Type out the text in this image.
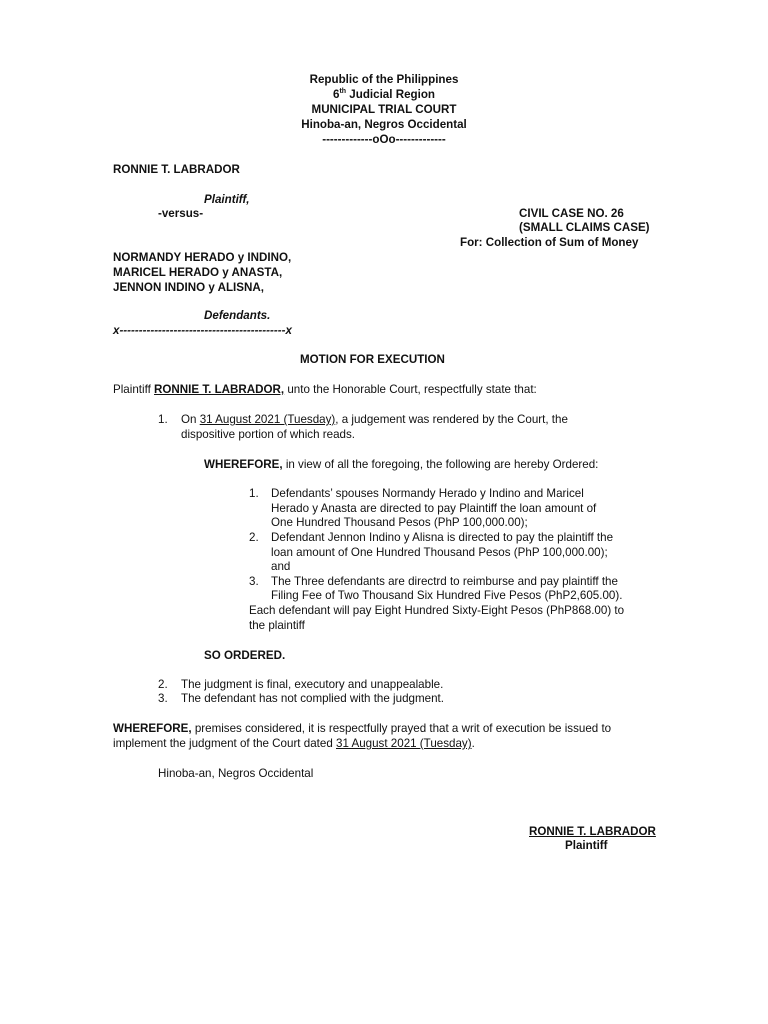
Republic of the Philippines
6th Judicial Region
MUNICIPAL TRIAL COURT
Hinoba-an, Negros Occidental
-------------oOo-------------
RONNIE T. LABRADOR
Plaintiff,
-versus-	CIVIL CASE NO. 26
(SMALL CLAIMS CASE)
For: Collection of Sum of Money
NORMANDY HERADO y INDINO,
MARICEL HERADO y ANASTA,
JENNON INDINO y ALISNA,
Defendants.
x-------------------------------------------x
MOTION FOR EXECUTION
Plaintiff RONNIE T. LABRADOR, unto the Honorable Court, respectfully state that:
1. On 31 August 2021 (Tuesday), a judgement was rendered by the Court, the
dispositive portion of which reads.
WHEREFORE, in view of all the foregoing, the following are hereby Ordered:
1. Defendants’ spouses Normandy Herado y Indino and Maricel
Herado y Anasta are directed to pay Plaintiff the loan amount of
One Hundred Thousand Pesos (PhP 100,000.00);
2. Defendant Jennon Indino y Alisna is directed to pay the plaintiff the
loan amount of One Hundred Thousand Pesos (PhP 100,000.00);
and
3. The Three defendants are directrd to reimburse and pay plaintiff the
Filing Fee of Two Thousand Six Hundred Five Pesos (PhP2,605.00).
Each defendant will pay Eight Hundred Sixty-Eight Pesos (PhP868.00) to
the plaintiff
SO ORDERED.
2. The judgment is final, executory and unappealable.
3. The defendant has not complied with the judgment.
WHEREFORE, premises considered, it is respectfully prayed that a writ of execution be issued to
implement the judgment of the Court dated 31 August 2021 (Tuesday).
Hinoba-an, Negros Occidental
RONNIE T. LABRADOR
Plaintiff
